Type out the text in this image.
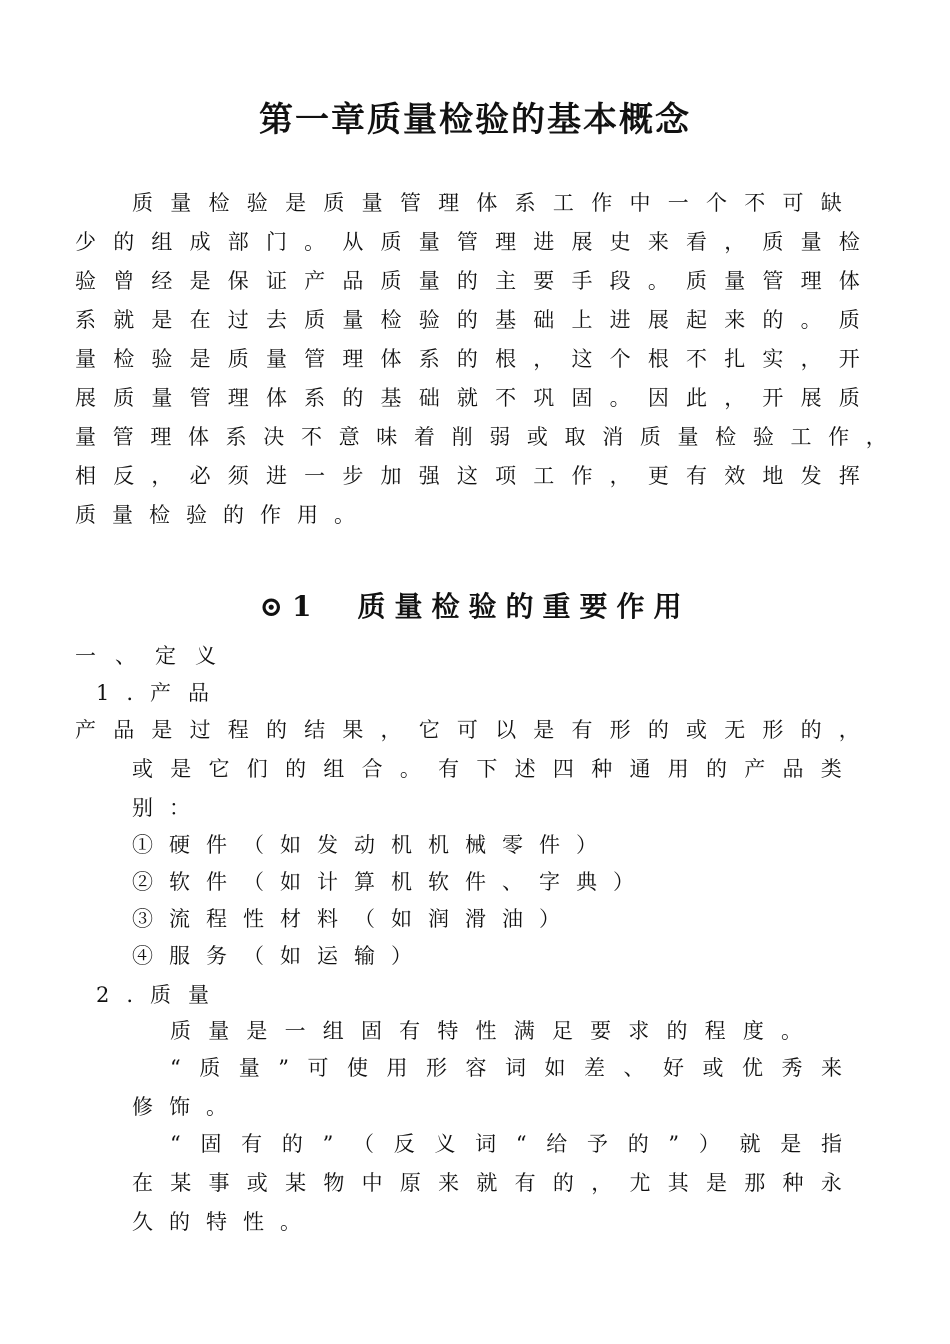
第一章质量检验的基本概念
质 量 检 验 是 质 量 管 理 体 系 工 作 中 一 个 不 可 缺
少 的 组 成 部 门 。 从 质 量 管 理 进 展 史 来 看 ， 质 量 检
验 曾 经 是 保 证 产 品 质 量 的 主 要 手 段 。 质 量 管 理 体
系 就 是 在 过 去 质 量 检 验 的 基 础 上 进 展 起 来 的 。 质
量 检 验 是 质 量 管 理 体 系 的 根 ， 这 个 根 不 扎 实 ， 开
展 质 量 管 理 体 系 的 基 础 就 不 巩 固 。 因 此 ， 开 展 质
量 管 理 体 系 决 不 意 味 着 削 弱 或 取 消 质 量 检 验 工 作 ，
相 反 ， 必 须 进 一 步 加 强 这 项 工 作 ， 更 有 效 地 发 挥
质量检验的作用。
⊙1　质量检验的重要作用
一、定义
1.产品
产 品 是 过 程 的 结 果 ， 它 可 以 是 有 形 的 或 无 形 的 ，
或 是 它 们 的 组 合 。 有 下 述 四 种 通 用 的 产 品 类
别：
①硬件（如发动机机械零件）
②软件（如计算机软件、字典）
③流程性材料（如润滑油）
④服务（如运输）
2.质量
质 量 是 一 组 固 有 特 性 满 足 要 求 的 程 度 。
“ 质 量 ” 可 使 用 形 容 词 如 差 、 好 或 优 秀 来
修饰。
“ 固 有 的 ” （ 反 义 词 “ 给 予 的 ” ） 就 是 指
在 某 事 或 某 物 中 原 来 就 有 的 ， 尤 其 是 那 种 永
久的特性。
